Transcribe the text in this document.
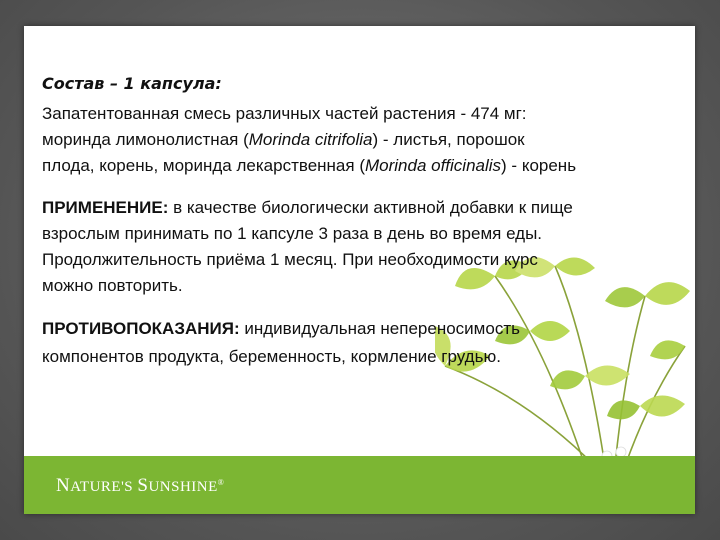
Состав – 1 капсула:

Запатентованная смесь различных частей растения - 474 мг:

моринда лимонолистная (Morinda citrifolia) - листья, порошок

плода, корень, моринда лекарственная (Morinda officinalis) - корень

ПРИМЕНЕНИЕ: в качестве биологически активной добавки к пище

взрослым принимать по 1 капсуле 3 раза в день во время еды.

Продолжительность приёма 1 месяц. При необходимости курс

можно повторить.

ПРОТИВОПОКАЗАНИЯ: индивидуальная непереносимость

компонентов продукта, беременность, кормление грудью.

NATURE'S SUNSHINE®
